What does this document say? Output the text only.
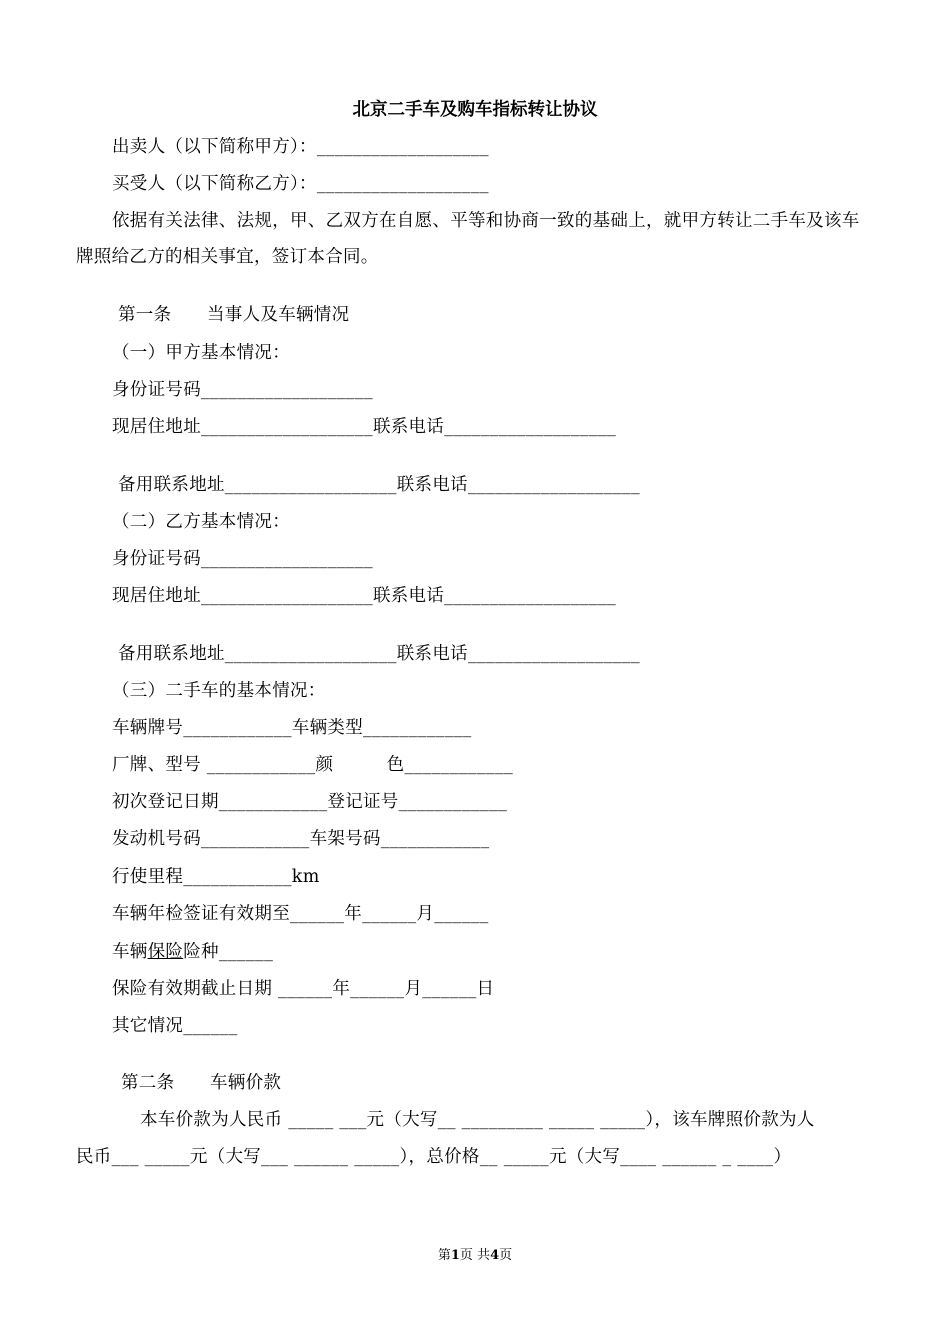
北京二手车及购车指标转让协议
出卖人（以下简称甲方）：___________________
买受人（以下简称乙方）：___________________
依据有关法律、法规，甲、乙双方在自愿、平等和协商一致的基础上，就甲方转让二手车及该车
牌照给乙方的相关事宜，签订本合同。
第一条　　当事人及车辆情况
（一）甲方基本情况：
身份证号码___________________
现居住地址___________________联系电话___________________
备用联系地址___________________联系电话___________________
（二）乙方基本情况：
身份证号码___________________
现居住地址___________________联系电话___________________
备用联系地址___________________联系电话___________________
（三）二手车的基本情况：
车辆牌号____________车辆类型____________
厂牌、型号 ____________颜　　　色____________
初次登记日期____________登记证号____________
发动机号码____________车架号码____________
行使里程____________km
车辆年检签证有效期至______年______月______
车辆保险险种______
保险有效期截止日期 ______年______月______日
其它情况______
第二条　　车辆价款
本车价款为人民币 _____ ___元（大写__ _________ _____ _____），该车牌照价款为人
民币___ _____元（大写___ ______ _____），总价格__ _____元（大写____ ______ _ ____）
第1页 共4页
